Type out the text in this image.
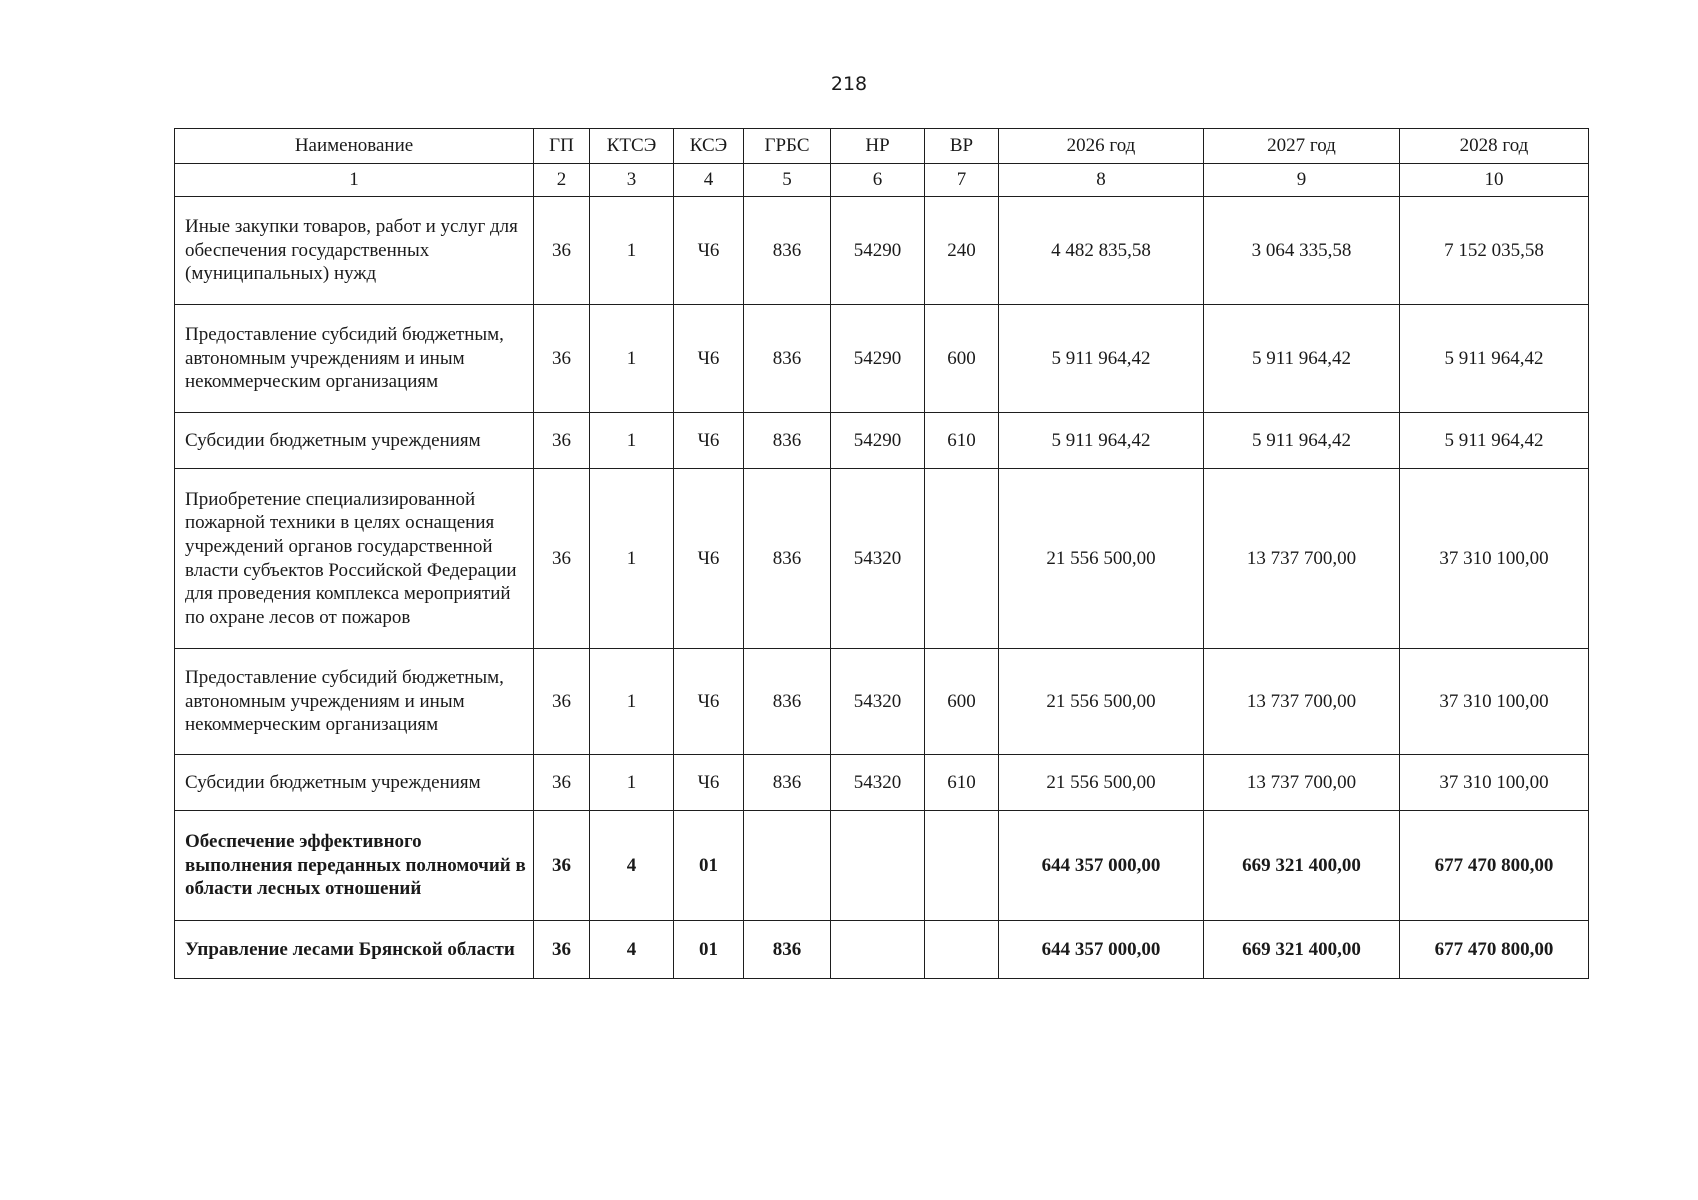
218
Наименование	ГП	КТСЭ	КСЭ	ГРБС	НР	ВР	2026 год	2027 год	2028 год
1	2	3	4	5	6	7	8	9	10
Иные закупки товаров, работ и услуг для обеспечения государственных (муниципальных) нужд	36	1	Ч6	836	54290	240	4 482 835,58	3 064 335,58	7 152 035,58
Предоставление субсидий бюджетным, автономным учреждениям и иным некоммерческим организациям	36	1	Ч6	836	54290	600	5 911 964,42	5 911 964,42	5 911 964,42
Субсидии бюджетным учреждениям	36	1	Ч6	836	54290	610	5 911 964,42	5 911 964,42	5 911 964,42
Приобретение специализированной пожарной техники в целях оснащения учреждений органов государственной власти субъектов Российской Федерации для проведения комплекса мероприятий по охране лесов от пожаров	36	1	Ч6	836	54320		21 556 500,00	13 737 700,00	37 310 100,00
Предоставление субсидий бюджетным, автономным учреждениям и иным некоммерческим организациям	36	1	Ч6	836	54320	600	21 556 500,00	13 737 700,00	37 310 100,00
Субсидии бюджетным учреждениям	36	1	Ч6	836	54320	610	21 556 500,00	13 737 700,00	37 310 100,00
Обеспечение эффективного выполнения переданных полномочий в области лесных отношений	36	4	01				644 357 000,00	669 321 400,00	677 470 800,00
Управление лесами Брянской области	36	4	01	836			644 357 000,00	669 321 400,00	677 470 800,00
